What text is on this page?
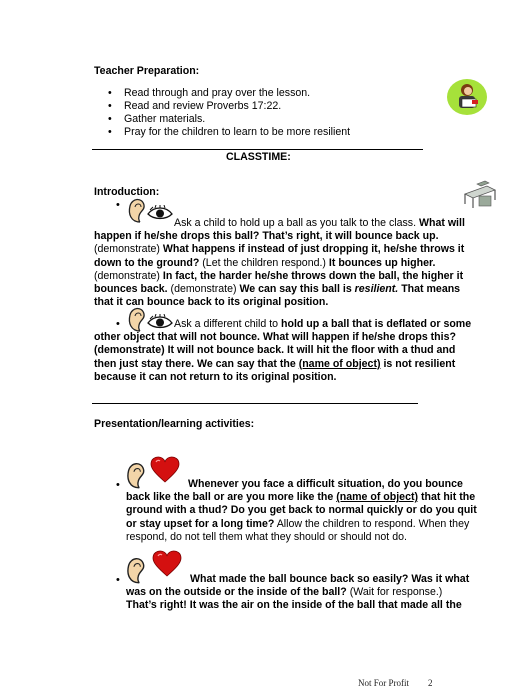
Teacher Preparation:
• Read through and pray over the lesson.
• Read and review Proverbs 17:22.
• Gather materials.
• Pray for the children to learn to be more resilient
CLASSTIME:
Introduction:
•
Ask a child to hold up a ball as you talk to the class. What will happen if he/she drops this ball? That’s right, it will bounce back up. (demonstrate) What happens if instead of just dropping it, he/she throws it down to the ground? (Let the children respond.) It bounces up higher. (demonstrate) In fact, the harder he/she throws down the ball, the higher it bounces back. (demonstrate) We can say this ball is resilient. That means that it can bounce back to its original position.
•	Ask a different child to hold up a ball that is deflated or some other object that will not bounce. What will happen if he/she drops this? (demonstrate) It will not bounce back. It will hit the floor with a thud and then just stay there. We can say that the (name of object) is not resilient because it can not return to its original position.
Presentation/learning activities:
•	Whenever you face a difficult situation, do you bounce back like the ball or are you more like the (name of object) that hit the ground with a thud? Do you get back to normal quickly or do you quit or stay upset for a long time? Allow the children to respond. When they respond, do not tell them what they should or should not do.
•	What made the ball bounce back so easily? Was it what was on the outside or the inside of the ball? (Wait for response.) That’s right! It was the air on the inside of the ball that made all the
Not For Profit 2
